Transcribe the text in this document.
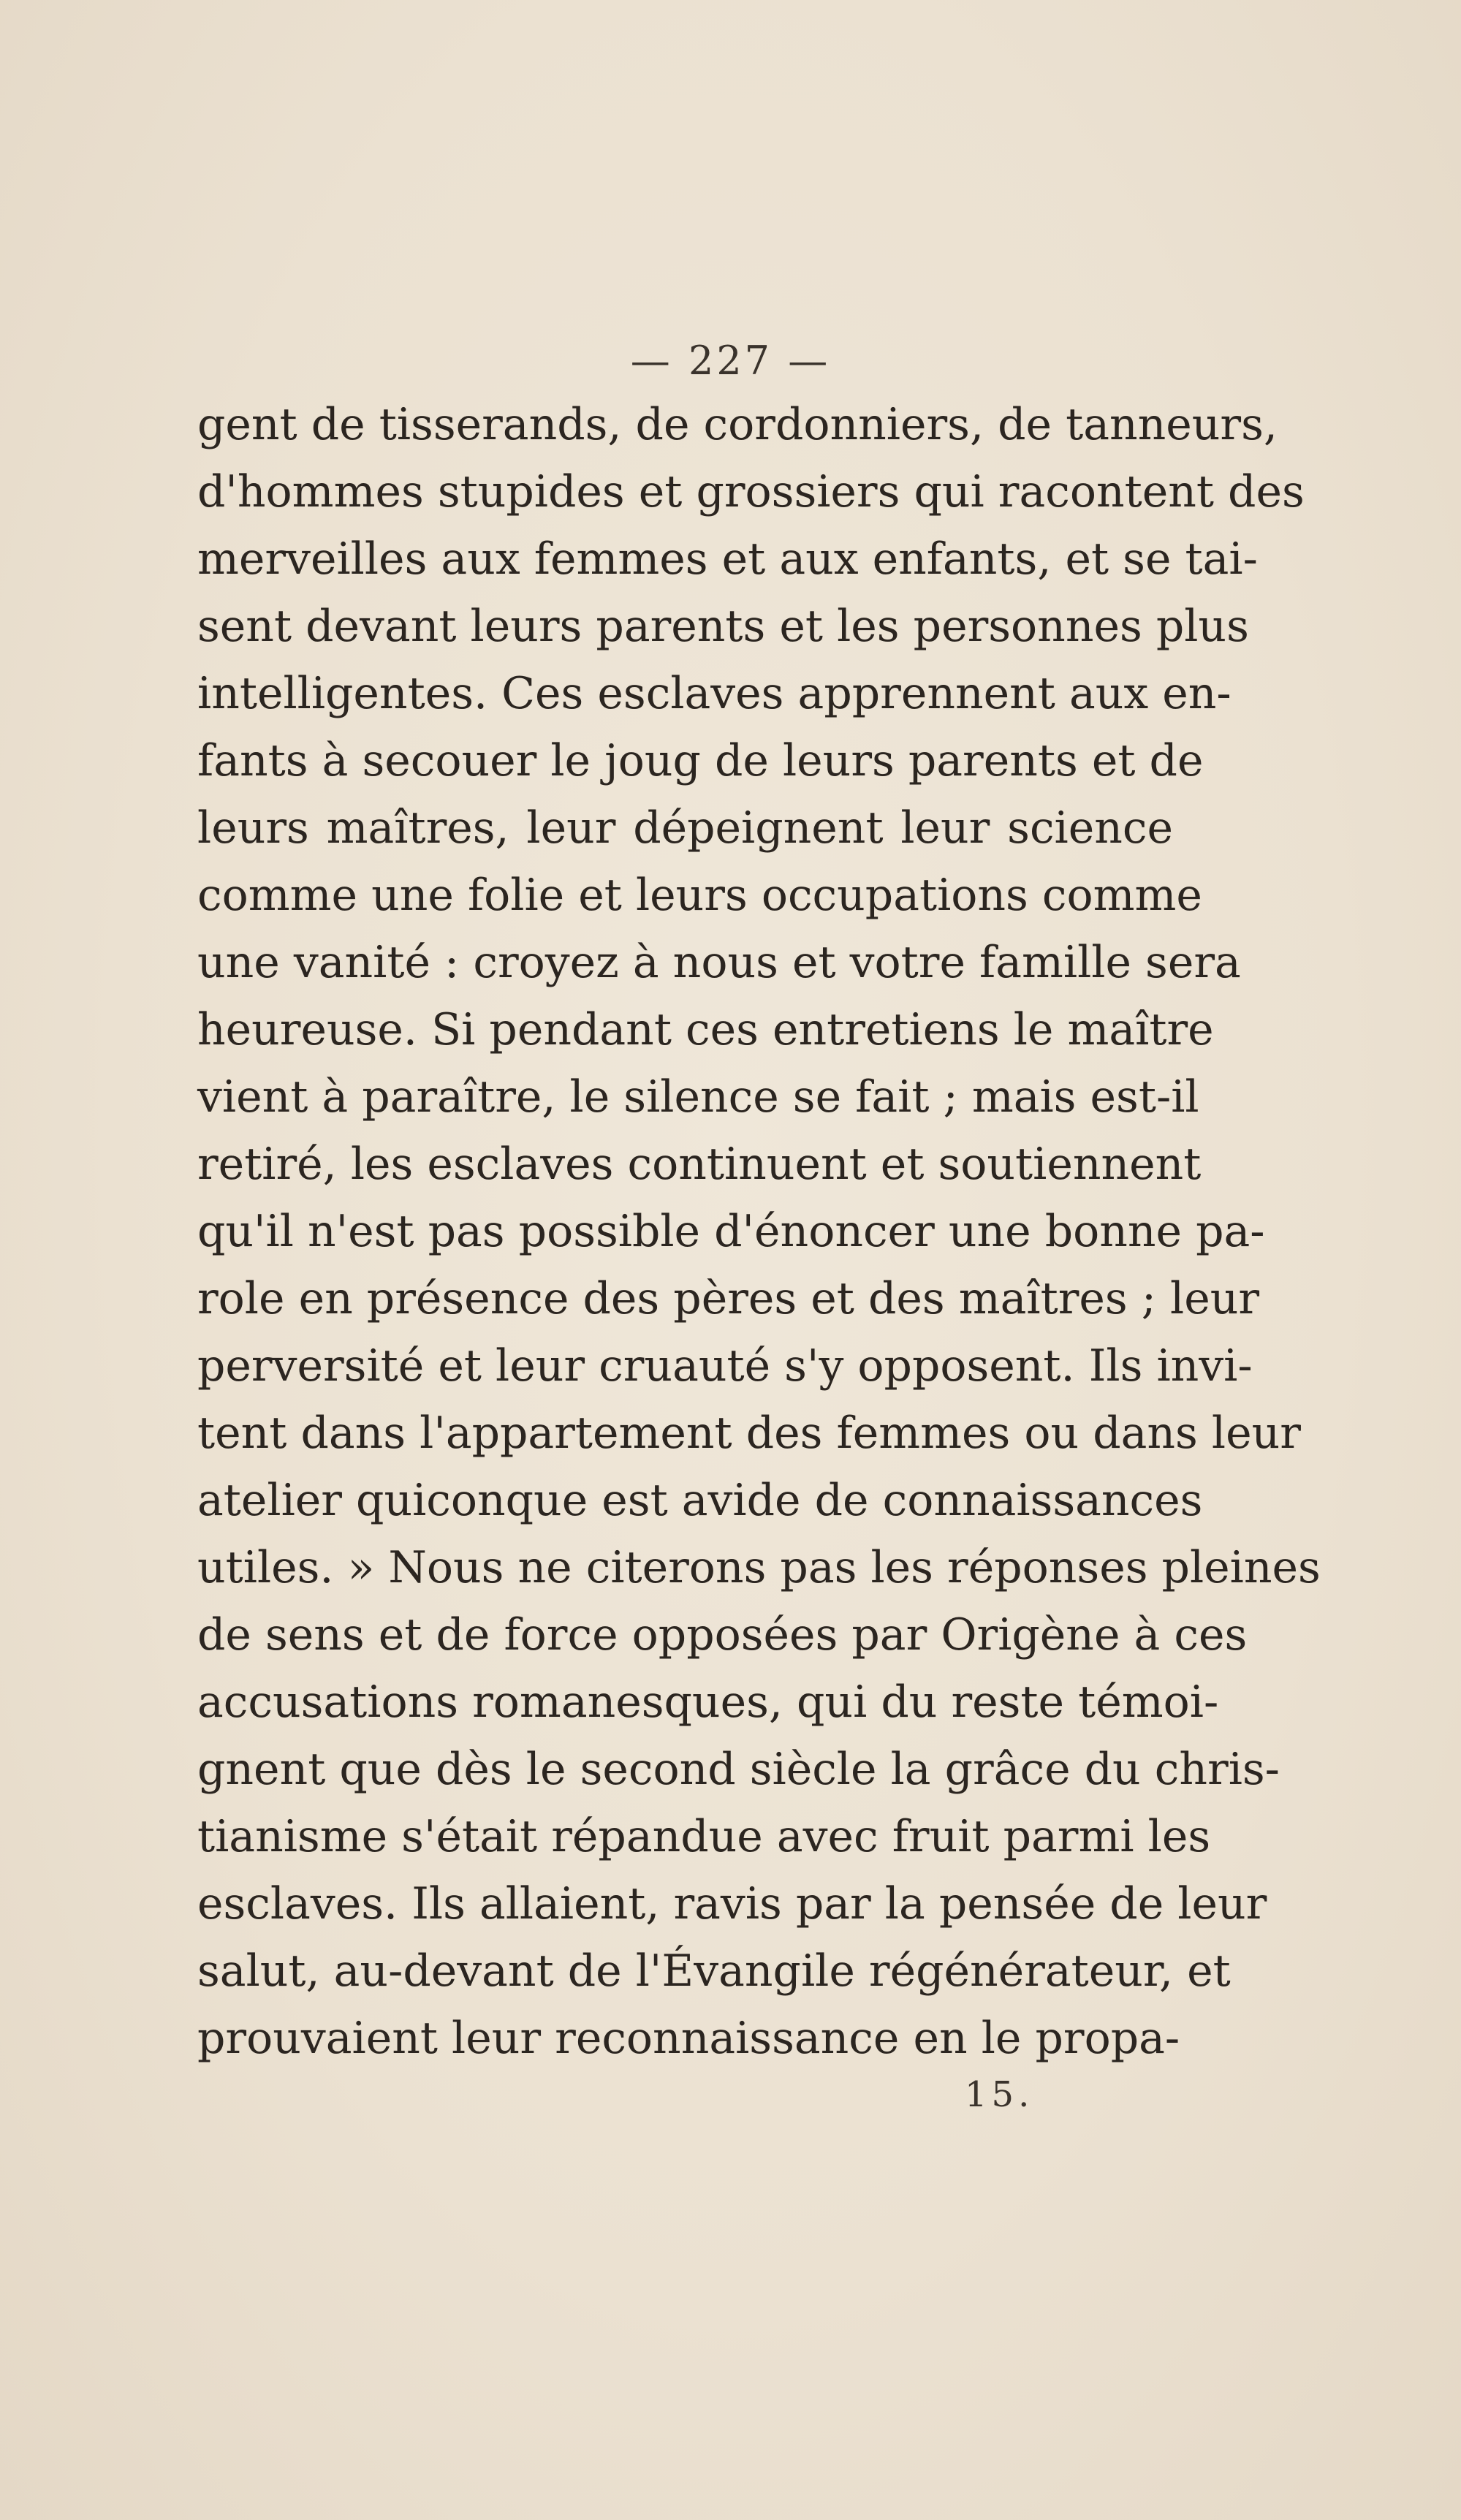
— 227 —
gent de tisserands, de cordonniers, de tanneurs,
d'hommes stupides et grossiers qui racontent des
merveilles aux femmes et aux enfants, et se tai-
sent devant leurs parents et les personnes plus
intelligentes. Ces esclaves apprennent aux en-
fants à secouer le joug de leurs parents et de
leurs maîtres, leur dépeignent leur science
comme une folie et leurs occupations comme
une vanité : croyez à nous et votre famille sera
heureuse. Si pendant ces entretiens le maître
vient à paraître, le silence se fait ; mais est-il
retiré, les esclaves continuent et soutiennent
qu'il n'est pas possible d'énoncer une bonne pa-
role en présence des pères et des maîtres ; leur
perversité et leur cruauté s'y opposent. Ils invi-
tent dans l'appartement des femmes ou dans leur
atelier quiconque est avide de connaissances
utiles. » Nous ne citerons pas les réponses pleines
de sens et de force opposées par Origène à ces
accusations romanesques, qui du reste témoi-
gnent que dès le second siècle la grâce du chris-
tianisme s'était répandue avec fruit parmi les
esclaves. Ils allaient, ravis par la pensée de leur
salut, au-devant de l'Évangile régénérateur, et
prouvaient leur reconnaissance en le propa-
15.
